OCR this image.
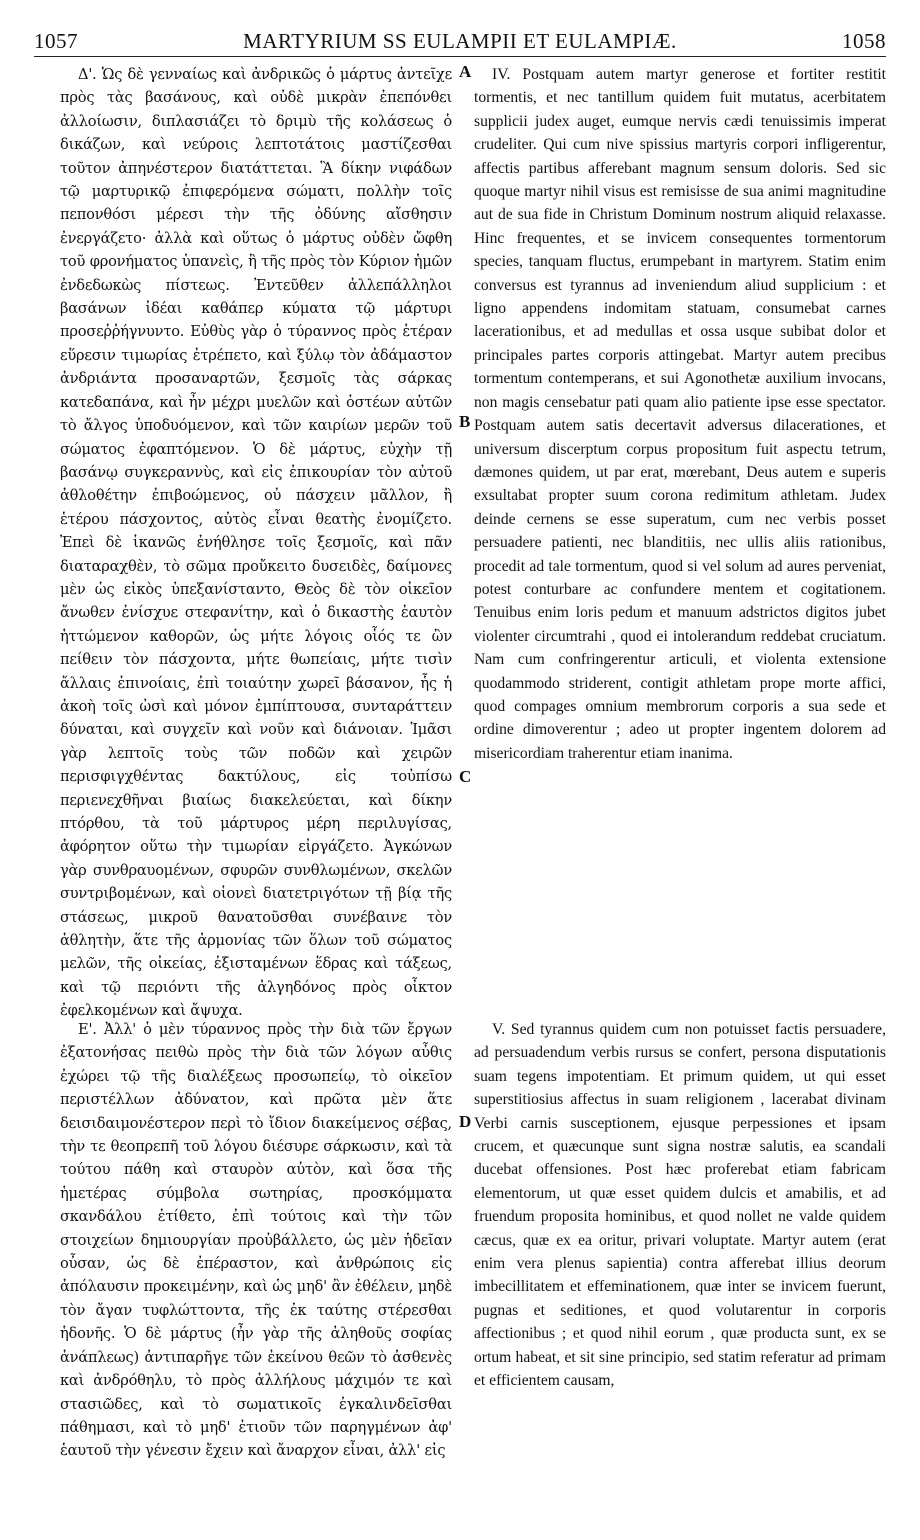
1057	MARTYRIUM SS EULAMPII ET EULAMPIÆ.	1058

Δ'. Ὡς δὲ γενναίως καὶ ἀνδρικῶς ὁ μάρτυς ἀντεῖχε πρὸς τὰς βασάνους, καὶ οὐδὲ μικρὰν ἐπεπόνθει ἀλλοίωσιν, διπλασιάζει τὸ δριμὺ τῆς κολάσεως ὁ δικάζων, καὶ νεύροις λεπτοτάτοις μαστίζεσθαι τοῦτον ἀπηνέστερον διατάττεται. Ἃ δίκην νιφάδων τῷ μαρτυρικῷ ἐπιφερόμενα σώματι, πολλὴν τοῖς πεπονθόσι μέρεσι τὴν τῆς ὀδύνης αἴσθησιν ἐνεργάζετο· ἀλλὰ καὶ οὕτως ὁ μάρτυς οὐδὲν ὤφθη τοῦ φρονήματος ὑπανεὶς, ἢ τῆς πρὸς τὸν Κύριον ἡμῶν ἐνδεδωκὼς πίστεως. Ἐντεῦθεν ἀλλεπάλληλοι βασάνων ἰδέαι καθάπερ κύματα τῷ μάρτυρι προσεῤῥήγνυντο. Εὐθὺς γὰρ ὁ τύραννος πρὸς ἑτέραν εὕρεσιν τιμωρίας ἐτρέπετο, καὶ ξύλῳ τὸν ἀδάμαστον ἀνδριάντα προσαναρτῶν, ξεσμοῖς τὰς σάρκας κατεδαπάνα, καὶ ἦν μέχρι μυελῶν καὶ ὀστέων αὐτῶν τὸ ἄλγος ὑποδυόμενον, καὶ τῶν καιρίων μερῶν τοῦ σώματος ἐφαπτόμενον. Ὁ δὲ μάρτυς, εὐχὴν τῇ βασάνῳ συγκεραννὺς, καὶ εἰς ἐπικουρίαν τὸν αὐτοῦ ἀθλοθέτην ἐπιβοώμενος, οὐ πάσχειν μᾶλλον, ἢ ἑτέρου πάσχοντος, αὐτὸς εἶναι θεατὴς ἐνομίζετο. Ἐπεὶ δὲ ἱκανῶς ἐνήθλησε τοῖς ξεσμοῖς, καὶ πᾶν διαταραχθὲν, τὸ σῶμα προὔκειτο δυσειδὲς, δαίμονες μὲν ὡς εἰκὸς ὑπεξανίσταντο, Θεὸς δὲ τὸν οἰκεῖον ἄνωθεν ἐνίσχυε στεφανίτην, καὶ ὁ δικαστὴς ἑαυτὸν ἡττώμενον καθορῶν, ὡς μήτε λόγοις οἷός τε ὢν πείθειν τὸν πάσχοντα, μήτε θωπείαις, μήτε τισὶν ἄλλαις ἐπινοίαις, ἐπὶ τοιαύτην χωρεῖ βάσανον, ἧς ἡ ἀκοὴ τοῖς ὠσὶ καὶ μόνον ἐμπίπτουσα, συνταράττειν δύναται, καὶ συγχεῖν καὶ νοῦν καὶ διάνοιαν. Ἱμᾶσι γὰρ λεπτοῖς τοὺς τῶν ποδῶν καὶ χειρῶν περισφιγχθέντας δακτύλους, εἰς τοὐπίσω περιενεχθῆναι βιαίως διακελεύεται, καὶ δίκην πτόρθου, τὰ τοῦ μάρτυρος μέρη περιλυγίσας, ἀφόρητον οὕτω τὴν τιμωρίαν εἰργάζετο. Ἀγκώνων γὰρ συνθραυομένων, σφυρῶν συνθλωμένων, σκελῶν συντριβομένων, καὶ οἱονεὶ διατετριγότων τῇ βίᾳ τῆς στάσεως, μικροῦ θανατοῦσθαι συνέβαινε τὸν ἀθλητὴν, ἅτε τῆς ἁρμονίας τῶν ὅλων τοῦ σώματος μελῶν, τῆς οἰκείας, ἐξισταμένων ἕδρας καὶ τάξεως, καὶ τῷ περιόντι τῆς ἀλγηδόνος πρὸς οἶκτον ἐφελκομένων καὶ ἄψυχα.

IV. Postquam autem martyr generose et fortiter restitit tormentis, et nec tantillum quidem fuit mutatus, acerbitatem supplicii judex auget, eumque nervis cædi tenuissimis imperat crudeliter. Qui cum nive spissius martyris corpori infligerentur, affectis partibus afferebant magnum sensum doloris. Sed sic quoque martyr nihil visus est remisisse de sua animi magnitudine aut de sua fide in Christum Dominum nostrum aliquid relaxasse. Hinc frequentes, et se invicem consequentes tormentorum species, tanquam fluctus, erumpebant in martyrem. Statim enim conversus est tyrannus ad inveniendum aliud supplicium : et ligno appendens indomitam statuam, consumebat carnes lacerationibus, et ad medullas et ossa usque subibat dolor et principales partes corporis attingebat. Martyr autem precibus tormentum contemperans, et sui Agonothetæ auxilium invocans, non magis censebatur pati quam alio patiente ipse esse spectator. Postquam autem satis decertavit adversus dilacerationes, et universum discerptum corpus propositum fuit aspectu tetrum, dæmones quidem, ut par erat, mœrebant, Deus autem e superis exsultabat propter suum corona redimitum athletam. Judex deinde cernens se esse superatum, cum nec verbis posset persuadere patienti, nec blanditiis, nec ullis aliis rationibus, procedit ad tale tormentum, quod si vel solum ad aures perveniat, potest conturbare ac confundere mentem et cogitationem. Tenuibus enim loris pedum et manuum adstrictos digitos jubet violenter circumtrahi , quod ei intolerandum reddebat cruciatum. Nam cum confringerentur articuli, et violenta extensione quodammodo striderent, contigit athletam prope morte affici, quod compages omnium membrorum corporis a sua sede et ordine dimoverentur ; adeo ut propter ingentem dolorem ad misericordiam traherentur etiam inanima.

A
B
C
D

Ε'. Ἀλλ' ὁ μὲν τύραννος πρὸς τὴν διὰ τῶν ἔργων ἐξατονήσας πειθὼ πρὸς τὴν διὰ τῶν λόγων αὖθις ἐχώρει τῷ τῆς διαλέξεως προσωπείῳ, τὸ οἰκεῖον περιστέλλων ἀδύνατον, καὶ πρῶτα μὲν ἅτε δεισιδαιμονέστερον περὶ τὸ ἴδιον διακείμενος σέβας, τὴν τε θεοπρεπῆ τοῦ λόγου διέσυρε σάρκωσιν, καὶ τὰ τούτου πάθη καὶ σταυρὸν αὐτὸν, καὶ ὅσα τῆς ἡμετέρας σύμβολα σωτηρίας, προσκόμματα σκανδάλου ἐτίθετο, ἐπὶ τούτοις καὶ τὴν τῶν στοιχείων δημιουργίαν προὐβάλλετο, ὡς μὲν ἡδεῖαν οὖσαν, ὡς δὲ ἐπέραστον, καὶ ἀνθρώποις εἰς ἀπόλαυσιν προκειμένην, καὶ ὡς μηδ' ἂν ἐθέλειν, μηδὲ τὸν ἄγαν τυφλώττοντα, τῆς ἐκ ταύτης στέρεσθαι ἡδονῆς. Ὁ δὲ μάρτυς (ἦν γὰρ τῆς ἀληθοῦς σοφίας ἀνάπλεως) ἀντιπαρῆγε τῶν ἐκείνου θεῶν τὸ ἀσθενὲς καὶ ἀνδρόθηλυ, τὸ πρὸς ἀλλήλους μάχιμόν τε καὶ στασιῶδες, καὶ τὸ σωματικοῖς ἐγκαλινδεῖσθαι πάθημασι, καὶ τὸ μηδ' ἐτιοῦν τῶν παρηγμένων ἀφ' ἑαυτοῦ τὴν γένεσιν ἔχειν καὶ ἄναρχον εἶναι, ἀλλ' εἰς

V. Sed tyrannus quidem cum non potuisset factis persuadere, ad persuadendum verbis rursus se confert, persona disputationis suam tegens impotentiam. Et primum quidem, ut qui esset superstitiosius affectus in suam religionem , lacerabat divinam Verbi carnis susceptionem, ejusque perpessiones et ipsam crucem, et quæcunque sunt signa nostræ salutis, ea scandali ducebat offensiones. Post hæc proferebat etiam fabricam elementorum, ut quæ esset quidem dulcis et amabilis, et ad fruendum proposita hominibus, et quod nollet ne valde quidem cæcus, quæ ex ea oritur, privari voluptate. Martyr autem (erat enim vera plenus sapientia) contra afferebat illius deorum imbecillitatem et effeminationem, quæ inter se invicem fuerunt, pugnas et seditiones, et quod volutarentur in corporis affectionibus ; et quod nihil eorum , quæ producta sunt, ex se ortum habeat, et sit sine principio, sed statim referatur ad primam et efficientem causam,
